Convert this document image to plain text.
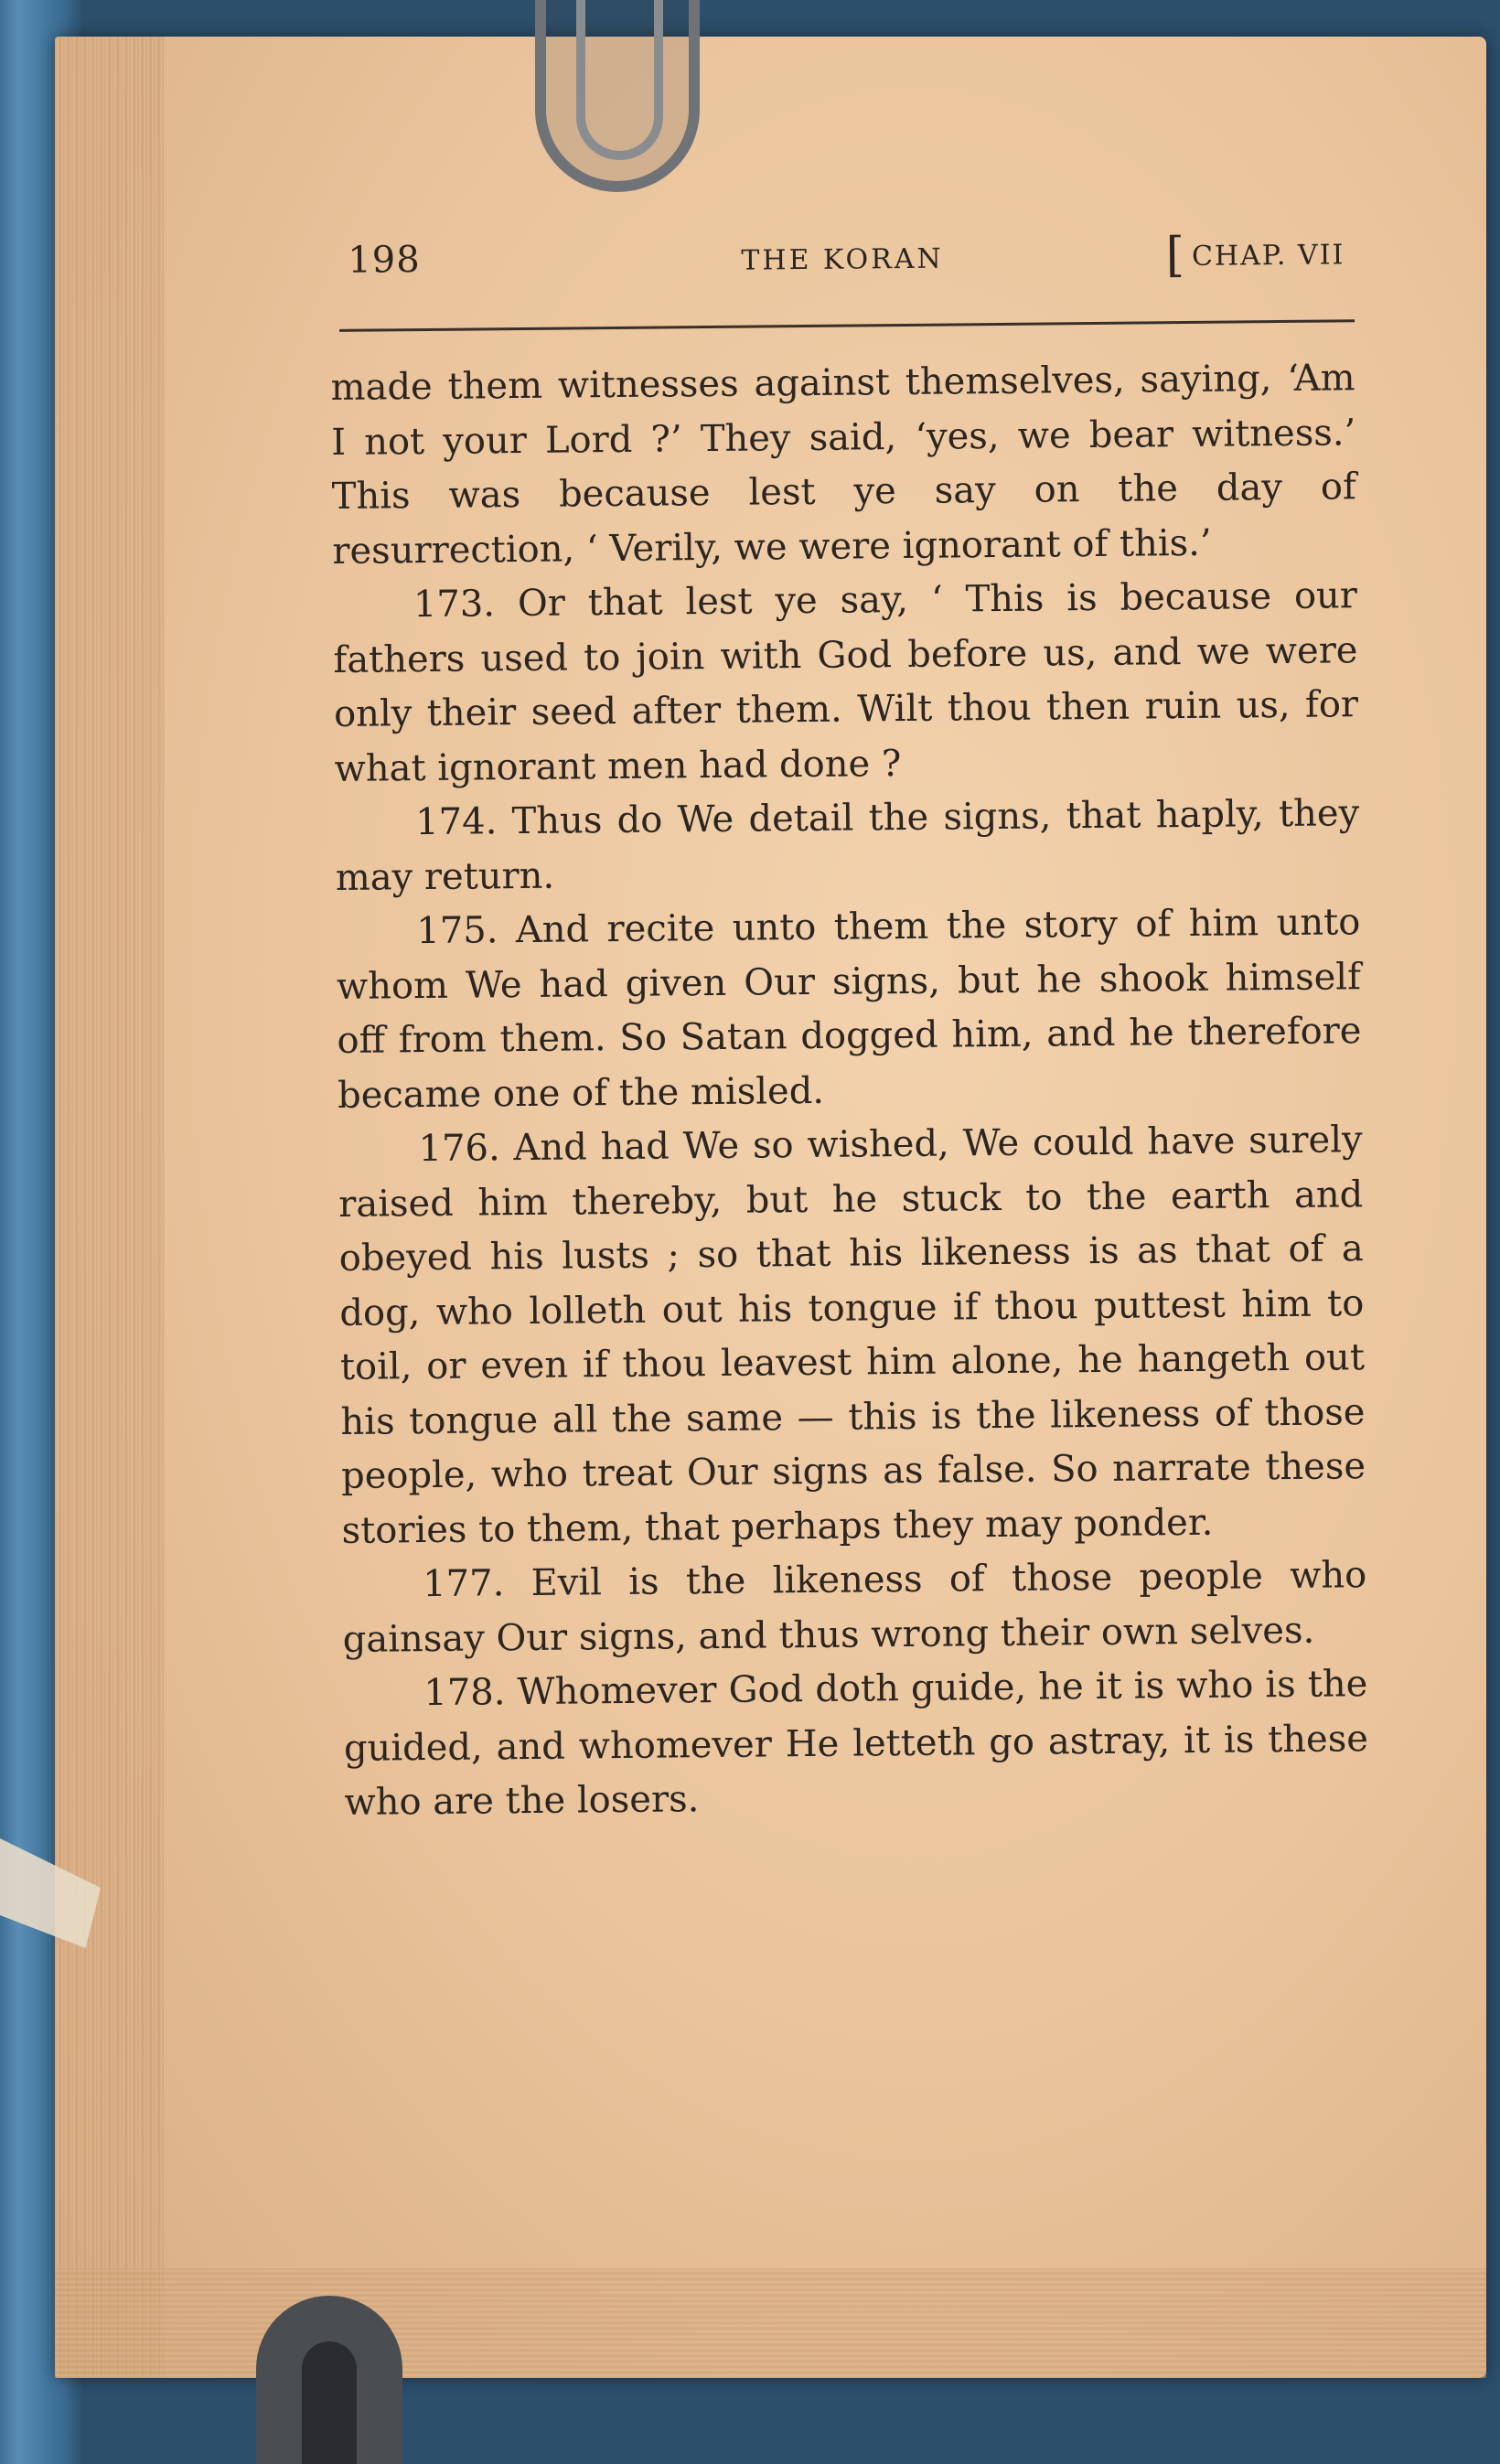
198	THE KORAN	[ CHAP. VII

made them witnesses against themselves, saying, ‘Am I not your Lord ?’ They said, ‘yes, we bear witness.’ This was because lest ye say on the day of resurrection, ‘ Verily, we were ignorant of this.’

173. Or that lest ye say, ‘ This is because our fathers used to join with God before us, and we were only their seed after them. Wilt thou then ruin us, for what ignorant men had done ?

174. Thus do We detail the signs, that haply, they may return.

175. And recite unto them the story of him unto whom We had given Our signs, but he shook himself off from them. So Satan dogged him, and he therefore became one of the misled.

176. And had We so wished, We could have surely raised him thereby, but he stuck to the earth and obeyed his lusts ; so that his likeness is as that of a dog, who lolleth out his tongue if thou puttest him to toil, or even if thou leavest him alone, he hangeth out his tongue all the same — this is the likeness of those people, who treat Our signs as false. So narrate these stories to them, that perhaps they may ponder.

177. Evil is the likeness of those people who gainsay Our signs, and thus wrong their own selves.

178. Whomever God doth guide, he it is who is the guided, and whomever He letteth go astray, it is these who are the losers.
